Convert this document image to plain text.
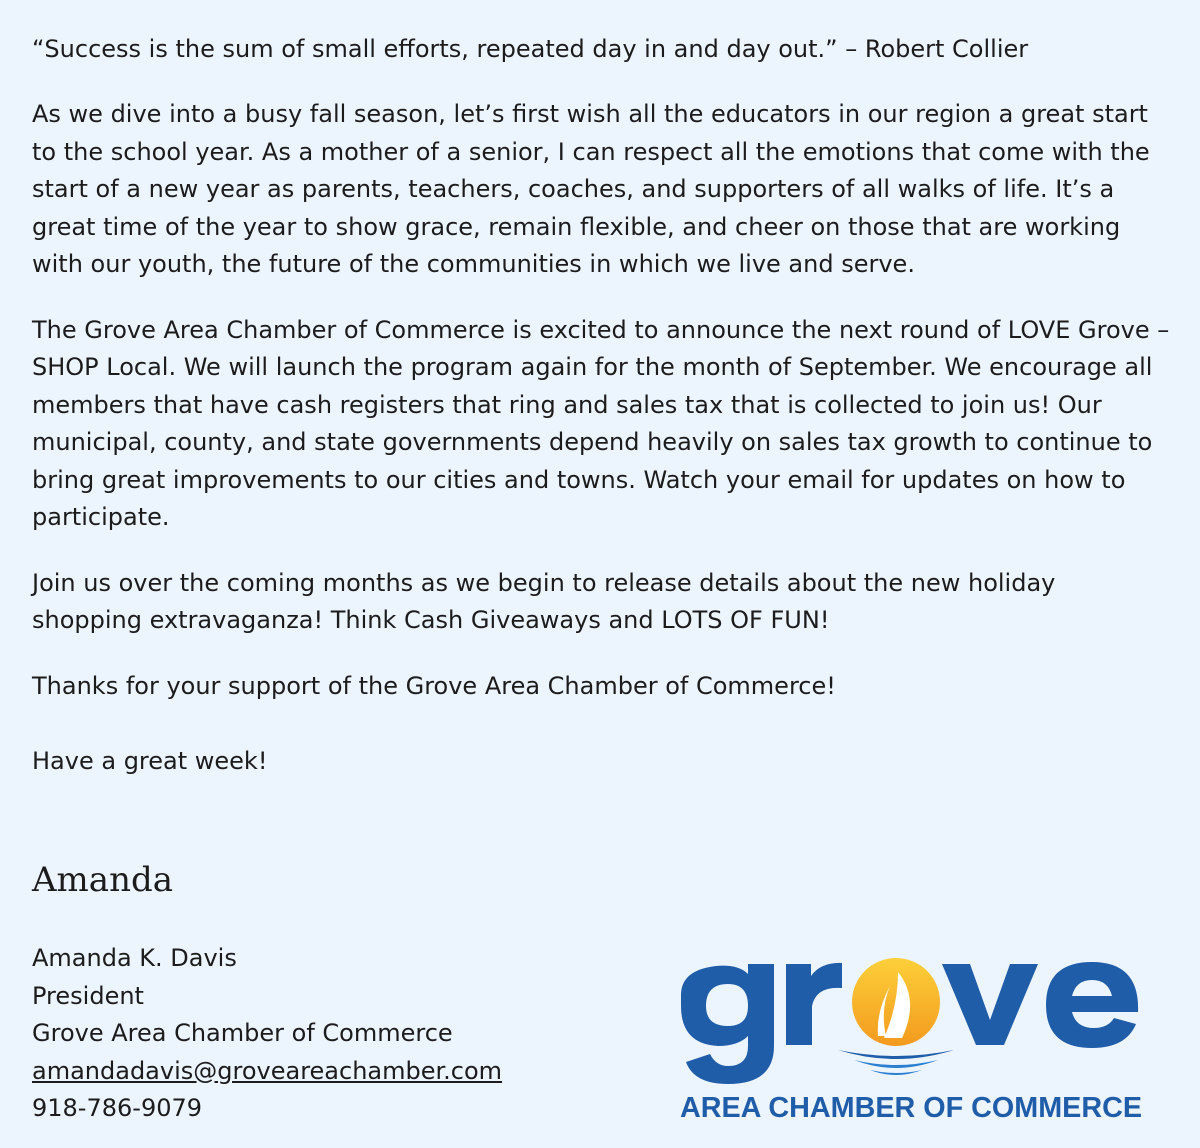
“Success is the sum of small efforts, repeated day in and day out.” – Robert Collier

As we dive into a busy fall season, let’s first wish all the educators in our region a great start to the school year. As a mother of a senior, I can respect all the emotions that come with the start of a new year as parents, teachers, coaches, and supporters of all walks of life. It’s a great time of the year to show grace, remain flexible, and cheer on those that are working with our youth, the future of the communities in which we live and serve.

The Grove Area Chamber of Commerce is excited to announce the next round of LOVE Grove – SHOP Local. We will launch the program again for the month of September. We encourage all members that have cash registers that ring and sales tax that is collected to join us! Our municipal, county, and state governments depend heavily on sales tax growth to continue to bring great improvements to our cities and towns. Watch your email for updates on how to participate.

Join us over the coming months as we begin to release details about the new holiday shopping extravaganza! Think Cash Giveaways and LOTS OF FUN!

Thanks for your support of the Grove Area Chamber of Commerce!

Have a great week!

Amanda
Amanda K. Davis
President
Grove Area Chamber of Commerce
amandadavis@groveareachamber.com
918-786-9079	AREA CHAMBER OF COMMERCE
